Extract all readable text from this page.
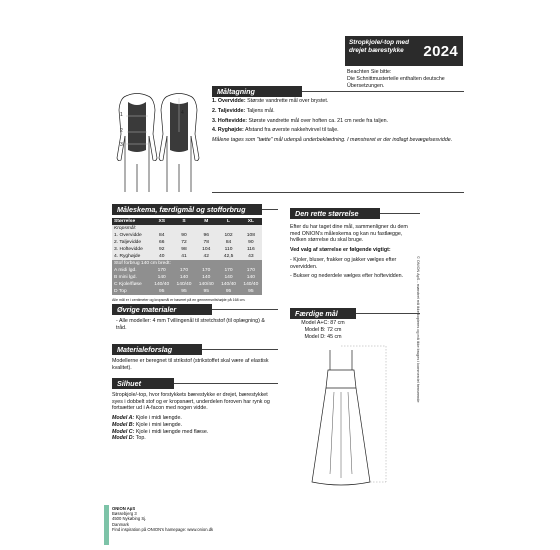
Stropkjole/-top med drejet bærestykke	2024
Beachten Sie bitte:
Die Schnittmusterteile enthalten deutsche
Übersetzungen.
Måltagning
1
2
3
4

1. Overvidde: Største vandrette mål over brystet.

2. Taljevidde: Taljens mål.

3. Hoftevidde: Største vandrette mål over hoften ca. 21 cm nede fra taljen.

4. Ryghøjde: Afstand fra øverste nakkehvirvel til talje.

Målene tages som "tætte" mål udenpå underbeklædning. I mønstreret er der indlagt bevægelsesvidde.

Måleskema, færdigmål og stofforbrug
Størrelse	XS	S	M	L	XL
Kropsmål:					
1. Overvidde	84	90	96	102	108
2. Taljevidde	66	72	78	84	90
3. Hoftevidde	92	98	104	110	116
4. Ryghøjde	40	41	42	42,5	43
Stof forbrug 140 cm bredt:					
A midi lgd.	170	170	170	170	170
B mini lgd.	140	140	140	140	140
C Kjole/fløse	140/40	140/40	140/40	140/40	140/40
D Top	95	95	95	95	95
Alle mål er i centimeter og kropsmål er baseret på en gennemsnitshøjde på 168 cm.
Den rette størrelse

Efter du har taget dine mål, sammenligner du dem med ONION's måleskema og kan nu fastlægge, hvilken størrelse du skal bruge.

Ved valg af størrelse er følgende vigtigt:

- Kjoler, bluser, frakker og jakker vælges efter overvidden.

- Bukser og nederdele vælges efter hoftevidden.

Øvrige materialer
- Alle modeller: 4 mm Tvillingenål til stretchstof (til oplægning) & tråd.
Materialeforslag
Modellerne er beregnet til strikstof (strikstoffet skal være af elastisk kvalitet).
Silhuet

Stropkjole/-top, hvor forstykkets bærestykke er drejet, bærestykket syes i dobbelt stof og er kropsnært, underdelen foroven har rynk og fortsætter ud i A-facon med nogen vidde.

Model A: Kjole i midi længde.
Model B: Kjole i mini længde.
Model C: Kjole i midi længde med flæse.
Model D: Top.
Færdige mål
Model A+C: 87 cm
Model B: 72 cm
Model D: 45 cm
ONION ApS
Bøssebjerg 3
4500 Nykøbing Sj.
Danmark
Find inspiration på ONION's hamepage: www.onion.dk
© ONION ApS - mønstret må ikke kopieres og må ikke bruges i kommerciel henseende
